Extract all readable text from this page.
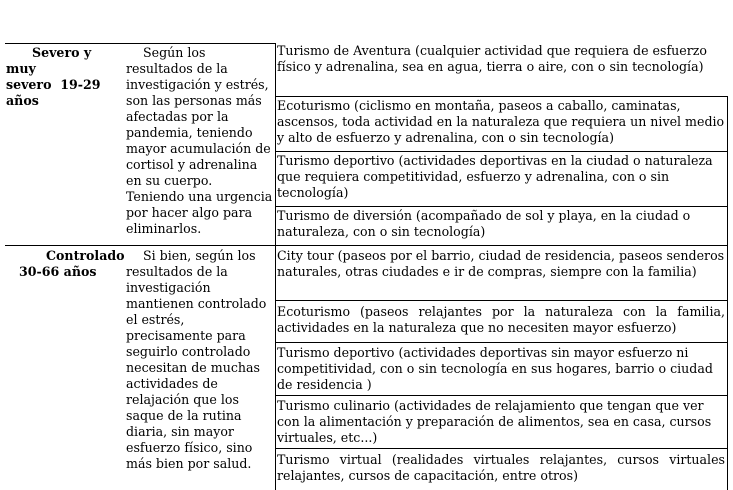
Severo y
muy
severo  19-29
años
Según los resultados de la investigación y estrés, son las personas más afectadas por la pandemia, teniendo mayor acumulación de cortisol y adrenalina en su cuerpo. Teniendo una urgencia por hacer algo para eliminarlos.
Turismo de Aventura (cualquier actividad que requiera de esfuerzo físico y adrenalina, sea en agua, tierra o aire, con o sin tecnología)
Ecoturismo (ciclismo en montaña, paseos a caballo, caminatas, ascensos, toda actividad en la naturaleza que requiera un nivel medio y alto de esfuerzo y adrenalina, con o sin tecnología)
Turismo deportivo (actividades deportivas en la ciudad o naturaleza que requiera competitividad, esfuerzo y adrenalina, con o sin tecnología)
Turismo de diversión (acompañado de sol y playa, en la ciudad o naturaleza, con o sin tecnología)
Controlado
30-66 años
Si bien, según los resultados de la investigación mantienen controlado el estrés, precisamente para seguirlo controlado necesitan de muchas actividades de relajación que los saque de la rutina diaria, sin mayor esfuerzo físico, sino más bien por salud.
City tour (paseos por el barrio, ciudad de residencia, paseos senderos naturales, otras ciudades e ir de compras, siempre con la familia)
Ecoturismo (paseos relajantes por la naturaleza con la familia, actividades en la naturaleza que no necesiten mayor esfuerzo)
Turismo deportivo (actividades deportivas sin mayor esfuerzo ni competitividad, con o sin tecnología en sus hogares, barrio o ciudad de residencia )
Turismo culinario (actividades de relajamiento que tengan que ver con la alimentación y preparación de alimentos, sea en casa, cursos virtuales, etc...)
Turismo virtual (realidades virtuales relajantes, cursos virtuales relajantes, cursos de capacitación, entre otros)
